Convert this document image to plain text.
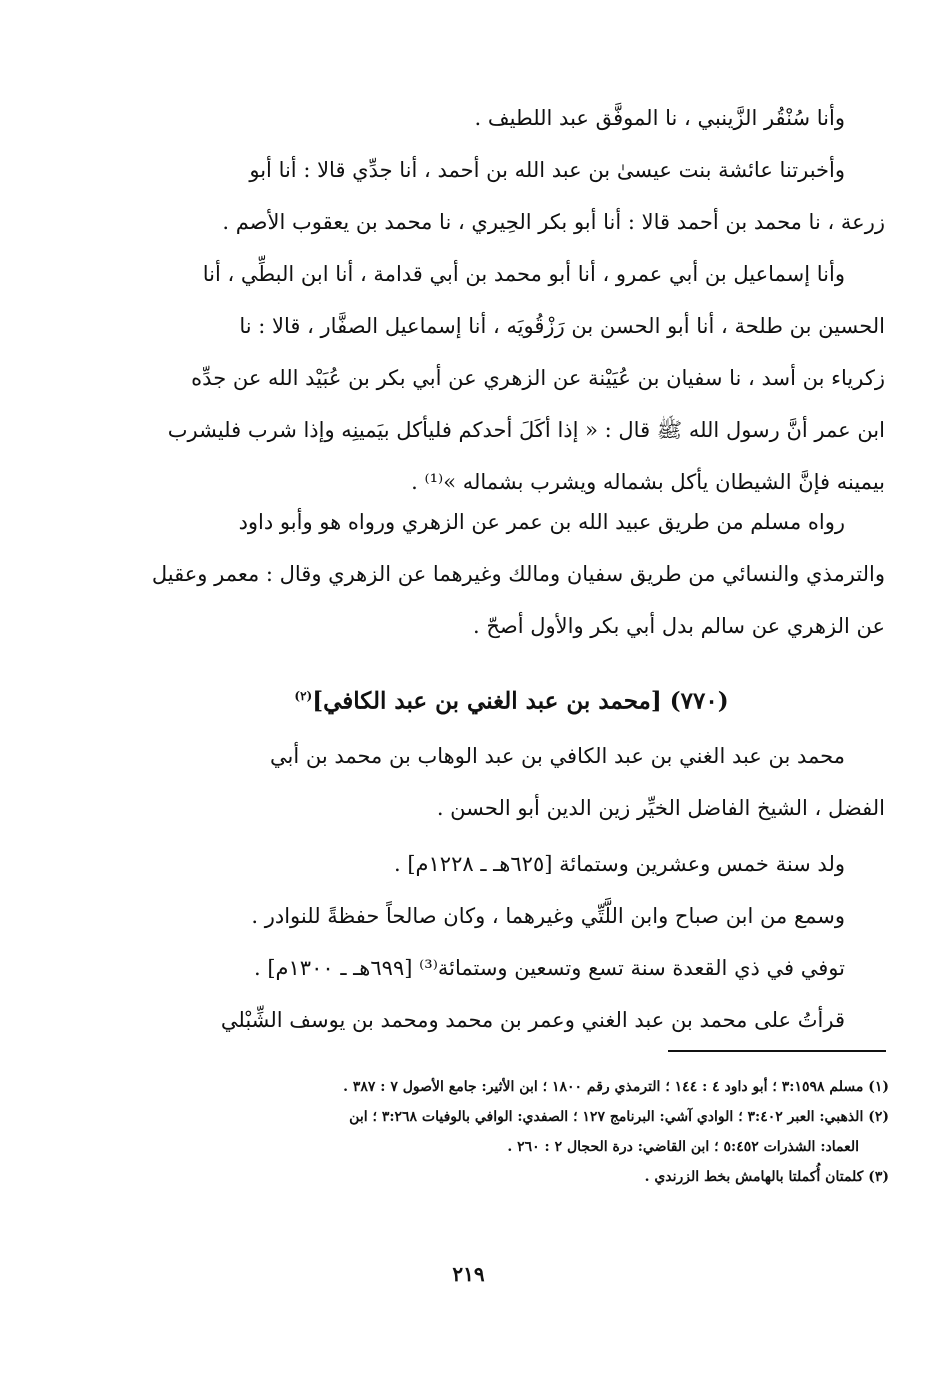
وأنا سُنْقُر الزَّينبي ، نا الموفَّق عبد اللطيف .
وأخبرتنا عائشة بنت عيسىٰ بن عبد الله بن أحمد ، أنا جدِّي قالا : أنا أبو
زرعة ، نا محمد بن أحمد قالا : أنا أبو بكر الحِيري ، نا محمد بن يعقوب الأصم .
وأنا إسماعيل بن أبي عمرو ، أنا أبو محمد بن أبي قدامة ، أنا ابن البطِّي ، أنا
الحسين بن طلحة ، أنا أبو الحسن بن رَزْقُويَه ، أنا إسماعيل الصفَّار ، قالا : نا
زكرياء بن أسد ، نا سفيان بن عُيَيْنة عن الزهري عن أبي بكر بن عُبَيْد الله عن جدِّه
ابن عمر أنَّ رسول الله ﷺ قال : « إذا أكَلَ أحدكم فليأكل بيَمينِه وإذا شرب فليشرب
بيمينه فإنَّ الشيطان يأكل بشماله ويشرب بشماله »⁽¹⁾ .
رواه مسلم من طريق عبيد الله بن عمر عن الزهري ورواه هو وأبو داود
والترمذي والنسائي من طريق سفيان ومالك وغيرهما عن الزهري وقال : معمر وعقيل
عن الزهري عن سالم بدل أبي بكر والأول أصحّ .
محمد بن عبد الغني بن عبد الكافي بن عبد الوهاب بن محمد بن أبي
الفضل ، الشيخ الفاضل الخيِّر زين الدين أبو الحسن .
ولد سنة خمس وعشرين وستمائة [٦٢٥هـ ـ ١٢٢٨م] .
وسمع من ابن صباح وابن اللَّتِّي وغيرهما ، وكان صالحاً حفظةً للنوادر .
توفي في ذي القعدة سنة تسع وتسعين وستمائة⁽³⁾ [٦٩٩هـ ـ ١٣٠٠م] .
قرأتُ على محمد بن عبد الغني وعمر بن محمد ومحمد بن يوسف الشِّبْلي
(٧٧٠) [محمد بن عبد الغني بن عبد الكافي]$^{(٢)}$
(١) مسلم ٣:١٥٩٨ ؛ أبو داود ٤ : ١٤٤ ؛ الترمذي رقم ١٨٠٠ ؛ ابن الأثير: جامع الأصول ٧ : ٣٨٧ .
(٢) الذهبي: العبر ٣:٤٠٢ ؛ الوادي آشي: البرنامج ١٢٧ ؛ الصفدي: الوافي بالوفيات ٣:٢٦٨ ؛ ابن
العماد: الشذرات ٥:٤٥٢ ؛ ابن القاضي: درة الحجال ٢ : ٢٦٠ .
(٣) كلمتان أُكملتا بالهامش بخط الزرندي .
٢١٩
